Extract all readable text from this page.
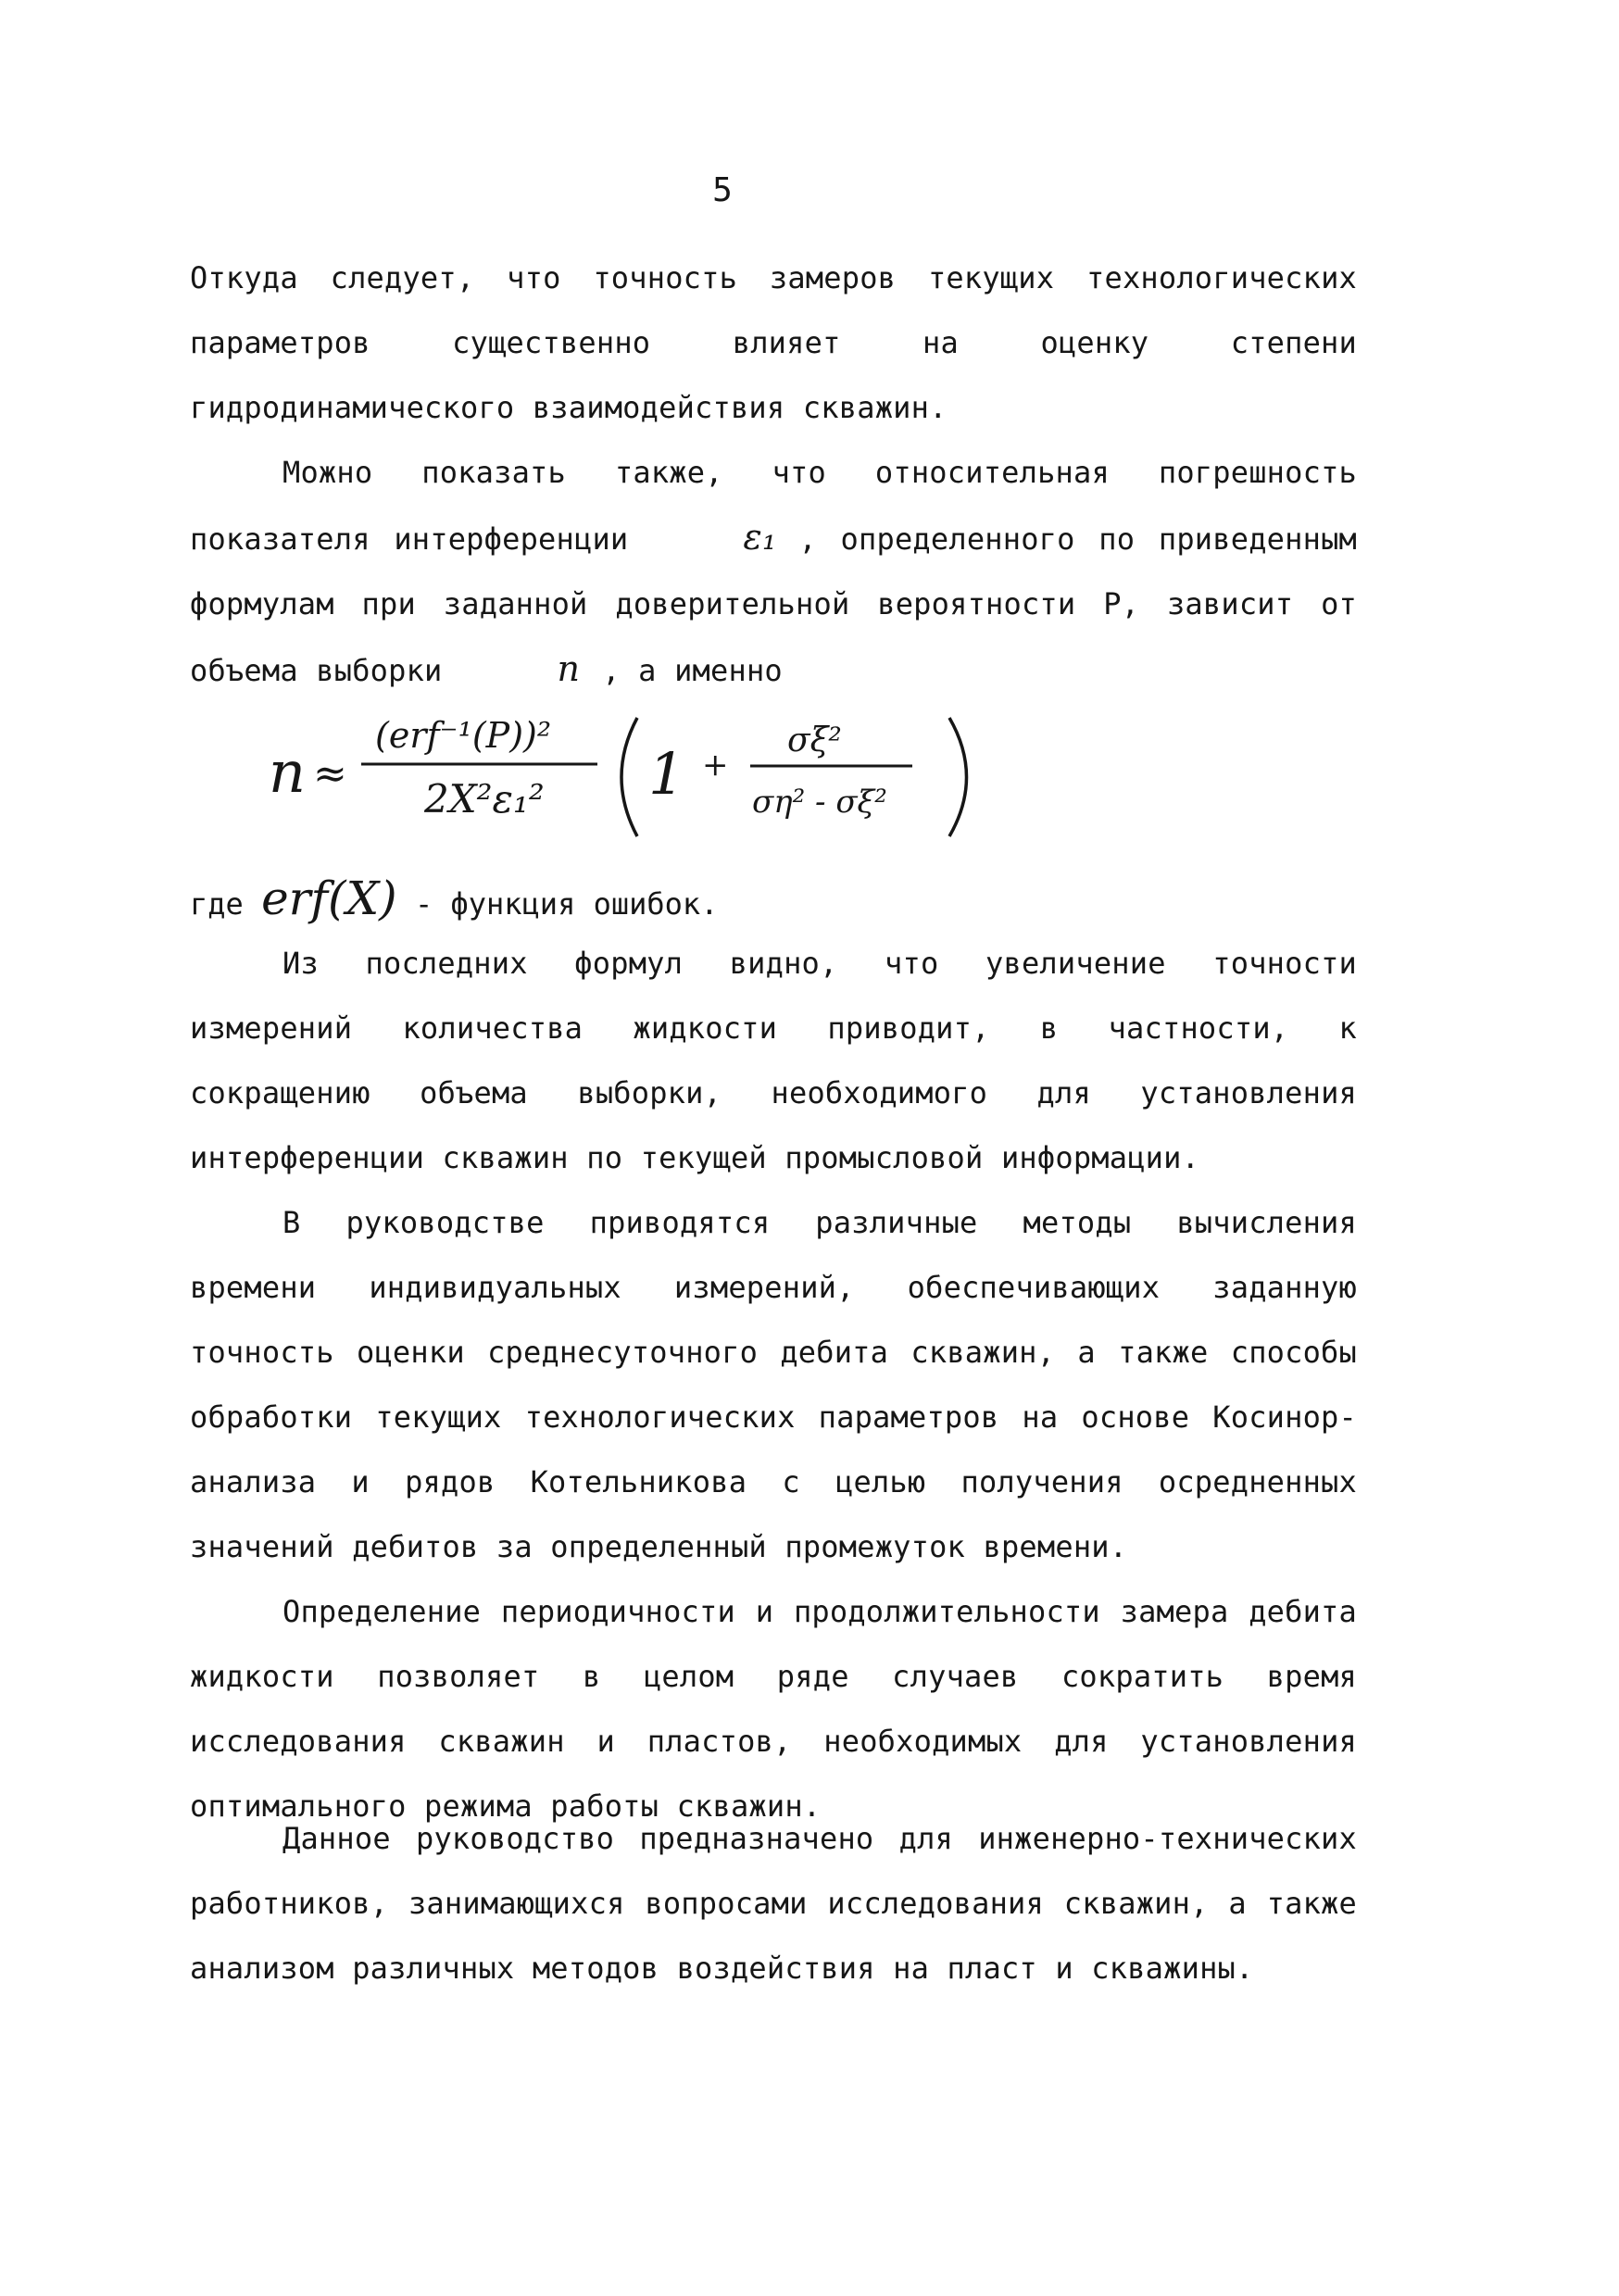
5

Откуда следует, что точность замеров текущих технологических параметров существенно влияет на оценку степени гидродинамического взаимодействия скважин.

Можно показать также, что относительная погрешность показателя интерференции	ε₁ , определенного по приведенным формулам при заданной доверительной вероятности P, зависит от объема выборки	n , а именно

n ≈
(erf⁻¹(P))²
2X²ε₁² 1 +
σξ²
ση² - σξ²
где erf(X) - функция ошибок.

Из последних формул видно, что увеличение точности измерений количества жидкости приводит, в частности, к сокращению объема выборки, необходимого для установления интерференции скважин по текущей промысловой информации.

В руководстве приводятся различные методы вычисления времени индивидуальных измерений, обеспечивающих заданную точность оценки среднесуточного дебита скважин, а также способы обработки текущих технологических параметров на основе Косинор-анализа и рядов Котельникова с целью получения осредненных значений дебитов за определенный промежуток времени.

Определение периодичности и продолжительности замера дебита жидкости позволяет в целом ряде случаев сократить время исследования скважин и пластов, необходимых для установления оптимального режима работы скважин.

Данное руководство предназначено для инженерно-технических работников, занимающихся вопросами исследования скважин, а также анализом различных методов воздействия на пласт и скважины.
